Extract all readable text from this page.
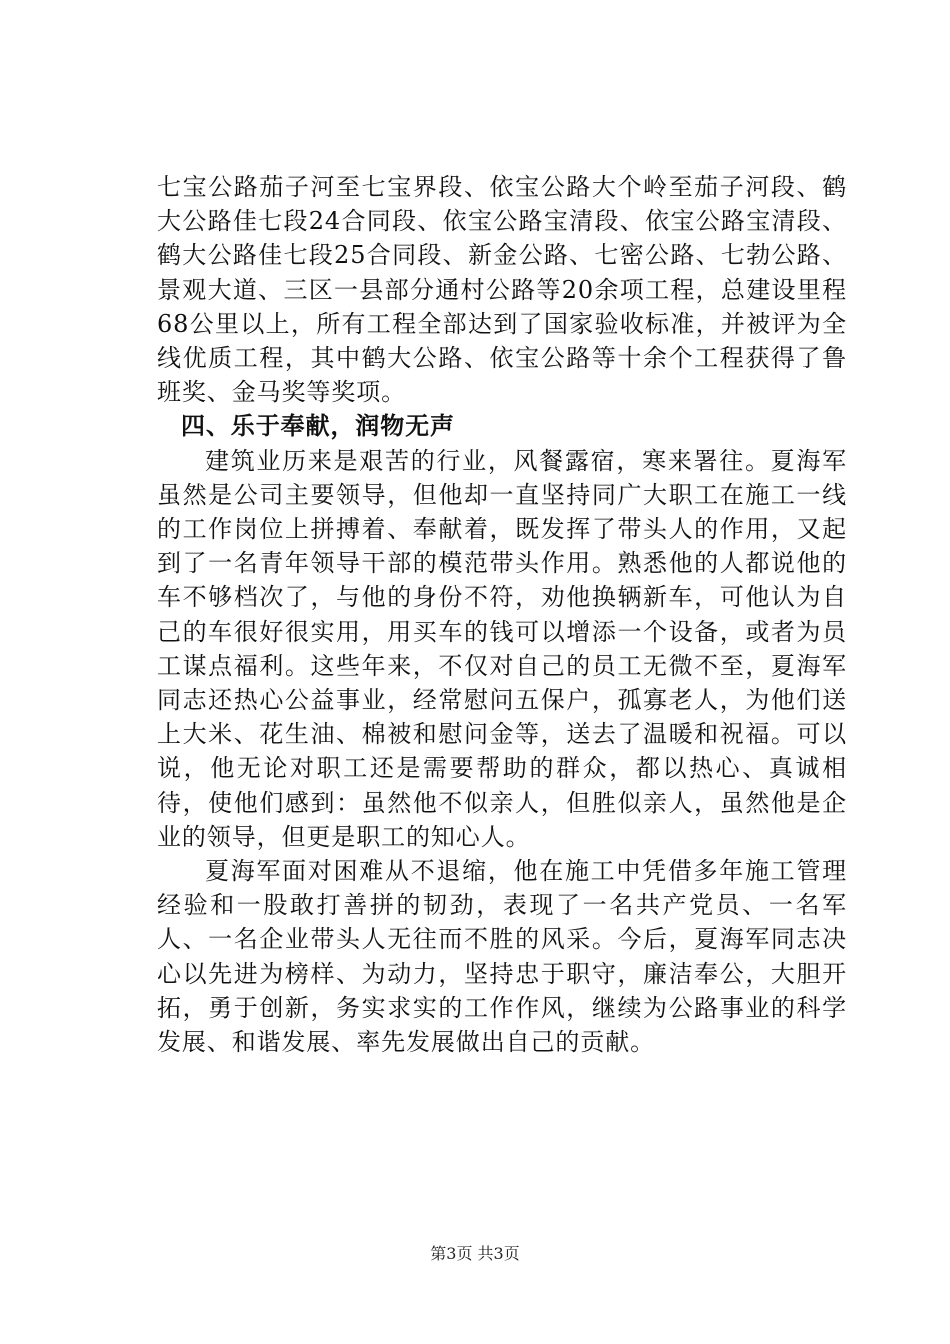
七宝公路茄子河至七宝界段、依宝公路大个岭至茄子河段、鹤大公路佳七段24合同段、依宝公路宝清段、依宝公路宝清段、鹤大公路佳七段25合同段、新金公路、七密公路、七勃公路、景观大道、三区一县部分通村公路等20余项工程，总建设里程68公里以上，所有工程全部达到了国家验收标准，并被评为全线优质工程，其中鹤大公路、依宝公路等十余个工程获得了鲁班奖、金马奖等奖项。

四、乐于奉献，润物无声

建筑业历来是艰苦的行业，风餐露宿，寒来署往。夏海军虽然是公司主要领导，但他却一直坚持同广大职工在施工一线的工作岗位上拼搏着、奉献着，既发挥了带头人的作用，又起到了一名青年领导干部的模范带头作用。熟悉他的人都说他的车不够档次了，与他的身份不符，劝他换辆新车，可他认为自己的车很好很实用，用买车的钱可以增添一个设备，或者为员工谋点福利。这些年来，不仅对自己的员工无微不至，夏海军同志还热心公益事业，经常慰问五保户，孤寡老人，为他们送上大米、花生油、棉被和慰问金等，送去了温暖和祝福。可以说，他无论对职工还是需要帮助的群众，都以热心、真诚相待，使他们感到：虽然他不似亲人，但胜似亲人，虽然他是企业的领导，但更是职工的知心人。

夏海军面对困难从不退缩，他在施工中凭借多年施工管理经验和一股敢打善拼的韧劲，表现了一名共产党员、一名军人、一名企业带头人无往而不胜的风采。今后，夏海军同志决心以先进为榜样、为动力，坚持忠于职守，廉洁奉公，大胆开拓，勇于创新，务实求实的工作作风，继续为公路事业的科学发展、和谐发展、率先发展做出自己的贡献。

第3页 共3页
